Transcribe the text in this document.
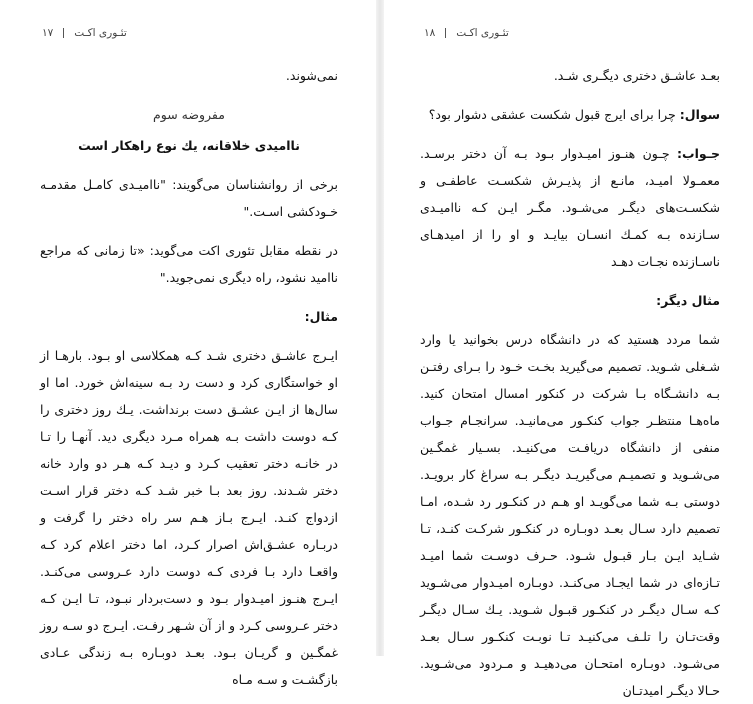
تئـوری اکـت۱۷

نمی‌شوند.

مفروضه سوم

ناامیدی خلاقانه، یك نوع راهکار است

برخی از روانشناسان می‌گویند: "ناامیـدی کامـل مقدمـه خـودکشی اسـت."

در نقطه مقابل تئوری اکت می‌گوید: «تا زمانی که مراجع ناامید نشود، راه دیگری نمی‌جوید."

مثال:

ایـرج عاشـق دختری شـد کـه همکلاسی او بـود. بارهـا از او خواستگاری کرد و دست رد بـه سینه‌اش خورد. اما او سال‌ها از ایـن عشـق دست برنداشت. یـك روز دختری را کـه دوست داشت بـه همراه مـرد دیگری دید. آنهـا را تـا در خانـه دختر تعقیب کـرد و دیـد کـه هـر دو وارد خانه دختر شـدند. روز بعد بـا خبر شـد کـه دختر قرار اسـت ازدواج کنـد. ایـرج بـاز هـم سر راه دختر را گرفت و دربـاره عشـق‌اش اصرار کـرد، اما دختر اعلام کرد کـه واقعـا دارد بـا فردی کـه دوست دارد عـروسی می‌کنـد. ایـرج هنـوز امیـدوار بـود و دست‌بردار نبـود، تـا ایـن کـه دختر عـروسی کـرد و از آن شـهر رفـت. ایـرج دو سـه روز غمگـین و گریـان بـود. بعـد دوبـاره بـه زندگی عـادی بازگشـت و سـه مـاه

تئـوری اکـت۱۸

بعـد عاشـق دختری دیگـری شـد.

سوال: چرا برای ایرج قبول شکست عشقی دشوار بود؟

جـواب: چـون هنـوز امیـدوار بـود بـه آن دختر برسـد. معمـولا امیـد، مانـع از پذیـرش شکسـت عاطفـی و شکسـت‌های دیگـر می‌شـود. مگـر ایـن کـه ناامیـدی سـازنده بـه کمـك انسـان بیایـد و او را از امیدهـای ناسـازنده نجـات دهـد

مثال دیگر:

شما مردد هستید که در دانشگاه درس بخوانید یا وارد شـغلی شـوید. تصمیم می‌گیرید بخـت خـود را بـرای رفتـن بـه دانشـگاه بـا شرکت در کنکور امسال امتحان کنید. ماه‌هـا منتظـر جواب کنکـور می‌مانیـد. سرانجـام جـواب منفی از دانشگاه دریافـت می‌کنیـد. بسـیار غمگـین می‌شـوید و تصمیـم می‌گیریـد دیگـر بـه سراغ کار برویـد. دوستی بـه شما می‌گویـد او هـم در کنکـور رد شـده، امـا تصمیم دارد سـال بعـد دوبـاره در کنکـور شرکـت کنـد، تـا شـاید ایـن بـار قبـول شـود. حـرف دوسـت شما امیـد تـازه‌ای در شما ایجـاد می‌کنـد. دوبـاره امیـدوار می‌شـوید کـه سـال دیگـر در کنکـور قبـول شـوید. یـك سـال دیگـر وقت‌تـان را تلـف می‌کنیـد تـا نوبـت کنکـور سـال بعـد می‌شـود. دوبـاره امتحـان می‌دهیـد و مـردود می‌شـوید. حـالا دیگـر امیدتـان
